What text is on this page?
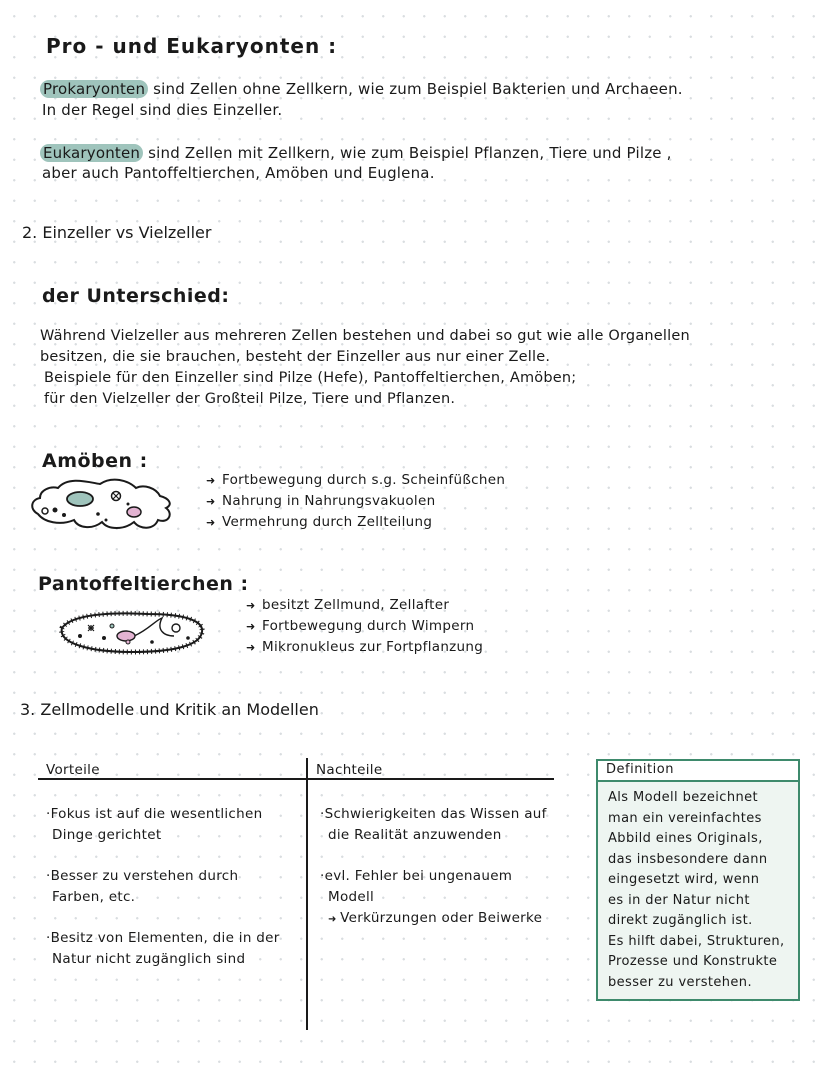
Pro - und Eukaryonten :
Prokaryonten sind Zellen ohne Zellkern, wie zum Beispiel Bakterien und Archaeen.
In der Regel sind dies Einzeller.
Eukaryonten sind Zellen mit Zellkern, wie zum Beispiel Pflanzen, Tiere und Pilze ,
aber auch Pantoffeltierchen, Amöben und Euglena.
2. Einzeller vs Vielzeller
der Unterschied:
Während Vielzeller aus mehreren Zellen bestehen und dabei so gut wie alle Organellen
besitzen, die sie brauchen, besteht der Einzeller aus nur einer Zelle.
Beispiele für den Einzeller sind Pilze (Hefe), Pantoffeltierchen, Amöben;
für den Vielzeller der Großteil Pilze, Tiere und Pflanzen.
Amöben :
➜ Fortbewegung durch s.g. Scheinfüßchen
➜ Nahrung in Nahrungsvakuolen
➜ Vermehrung durch Zellteilung
Pantoffeltierchen :
➜ besitzt Zellmund, Zellafter
➜ Fortbewegung durch Wimpern
➜ Mikronukleus zur Fortpflanzung
3. Zellmodelle und Kritik an Modellen
Vorteile	Nachteile
·Fokus ist auf die wesentlichen
Dinge gerichtet
·Besser zu verstehen durch
Farben, etc.
·Besitz von Elementen, die in der
Natur nicht zugänglich sind
·Schwierigkeiten das Wissen auf
die Realität anzuwenden
·evl. Fehler bei ungenauem
Modell
➜ Verkürzungen oder Beiwerke
Definition
Als Modell bezeichnet
man ein vereinfachtes
Abbild eines Originals,
das insbesondere dann
eingesetzt wird, wenn
es in der Natur nicht
direkt zugänglich ist.
Es hilft dabei, Strukturen,
Prozesse und Konstrukte
besser zu verstehen.
